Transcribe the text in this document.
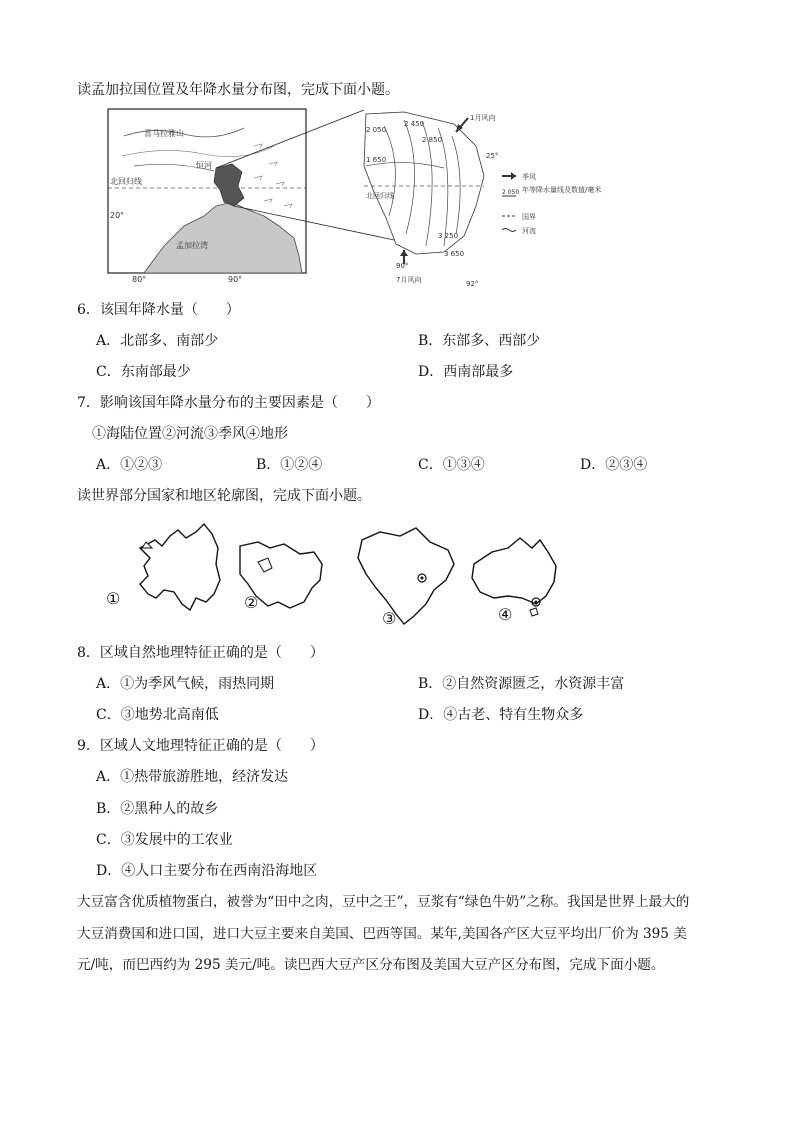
读孟加拉国位置及年降水量分布图，完成下面小题。
喜马拉雅山
恒河
北回归线
孟加拉湾
20°
80°	90°
2 050
2 450
2 850
1 650
3 250
3 650
1月风向
7月风向
北回归线
25°
90°
92°
季风
2 050 年等降水量线及数值/毫米
国界
河流
6．该国年降水量（　　）
A．北部多、南部少	B．东部多、西部少
C．东南部最少	D．西南部最多
7．影响该国年降水量分布的主要因素是（　　）
①海陆位置②河流③季风④地形
A．①②③	B．①②④	C．①③④	D．②③④
读世界部分国家和地区轮廓图，完成下面小题。
①	②
③	④
8．区域自然地理特征正确的是（　　）
A．①为季风气候，雨热同期	B．②自然资源匮乏，水资源丰富
C．③地势北高南低	D．④古老、特有生物众多
9．区域人文地理特征正确的是（　　）
A．①热带旅游胜地，经济发达
B．②黑种人的故乡
C．③发展中的工农业
D．④人口主要分布在西南沿海地区
大豆富含优质植物蛋白，被誉为“田中之肉，豆中之王”，豆浆有“绿色牛奶”之称。我国是世界上最大的
大豆消费国和进口国，进口大豆主要来自美国、巴西等国。某年,美国各产区大豆平均出厂价为 395 美
元/吨，而巴西约为 295 美元/吨。读巴西大豆产区分布图及美国大豆产区分布图，完成下面小题。
